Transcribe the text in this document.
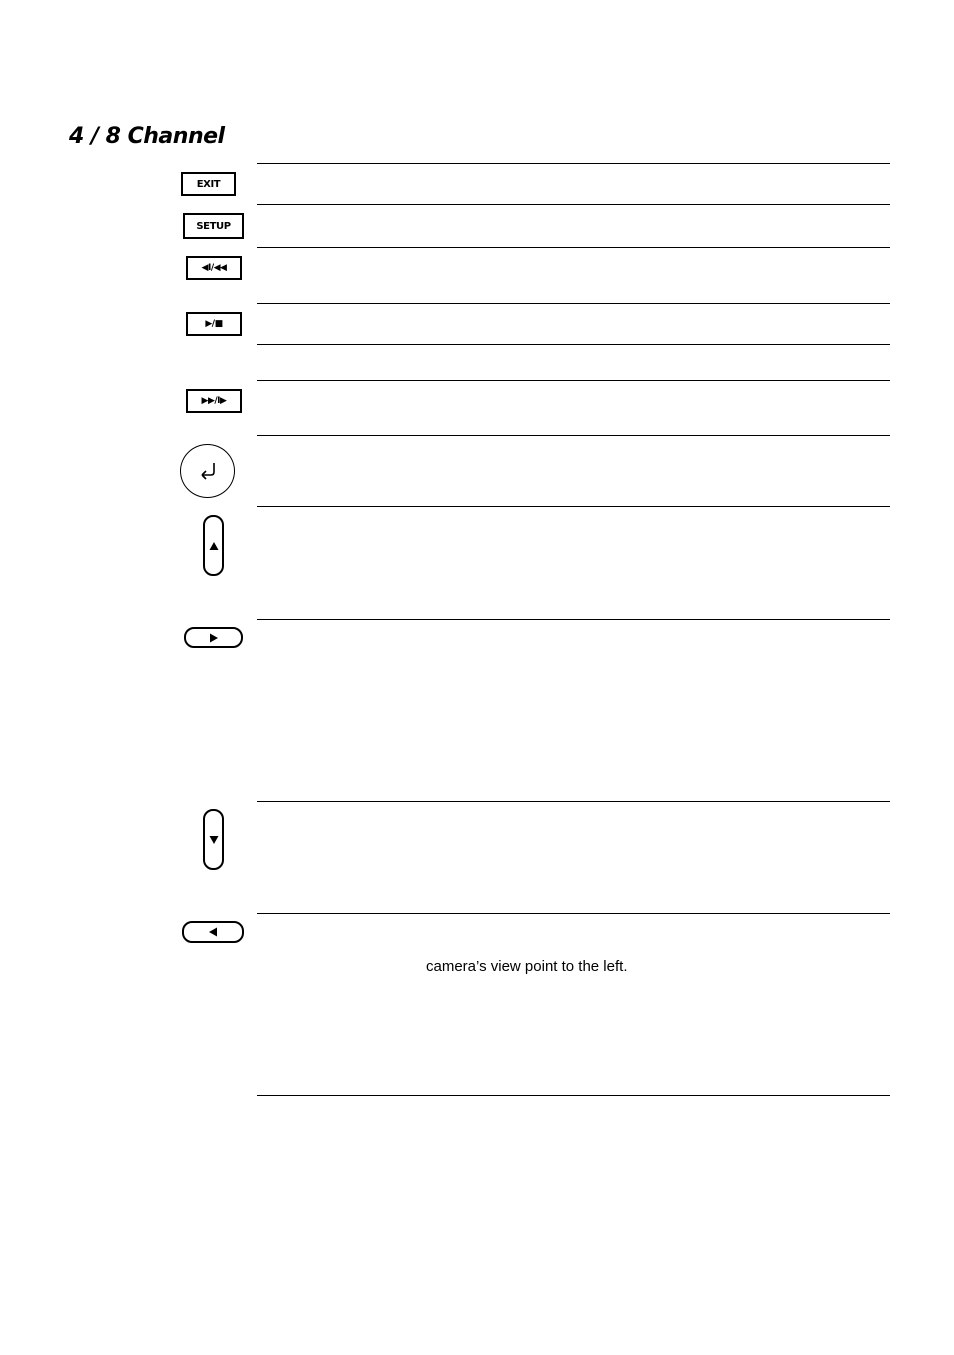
4 / 8 Channel
EXIT
SETUP
◀I/◀◀
▶/■
▶▶/I▶
camera’s view point to the left.
